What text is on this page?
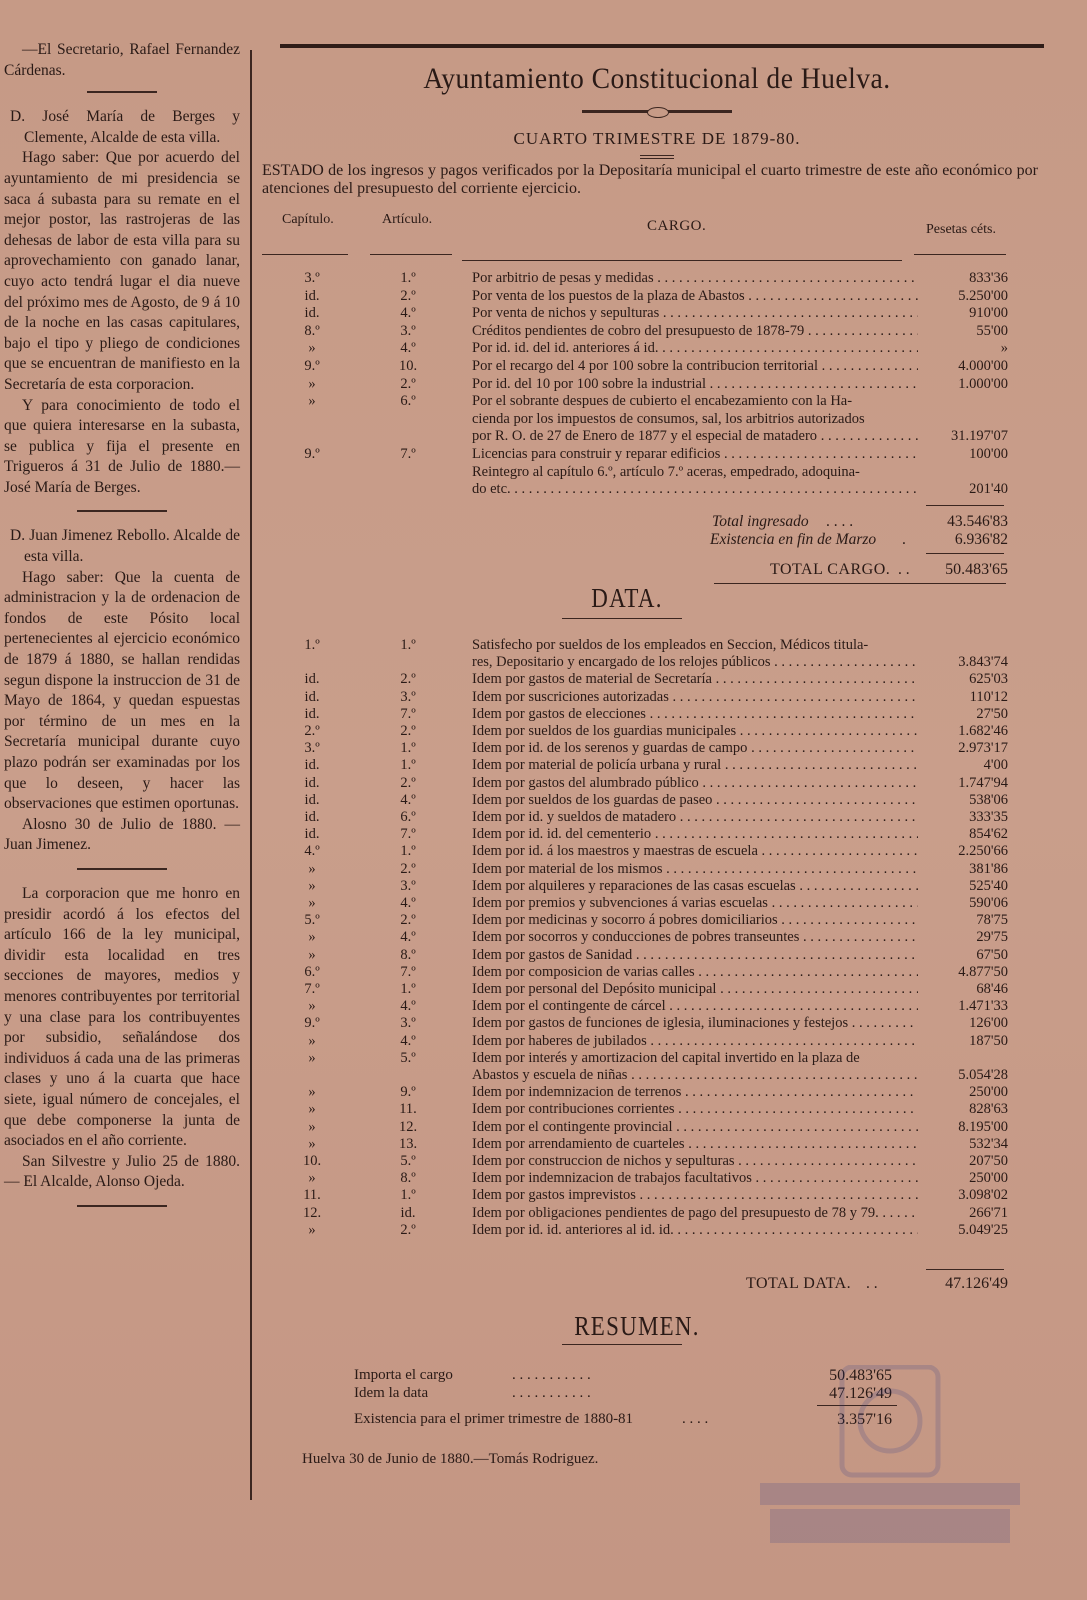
—El Secretario, Rafael Fernandez Cárdenas.

D. José María de Berges y Clemente, Alcalde de esta villa.

Hago saber: Que por acuerdo del ayuntamiento de mi presidencia se saca á subasta para su remate en el mejor postor, las rastrojeras de las dehesas de labor de esta villa para su aprovechamiento con ganado lanar, cuyo acto tendrá lugar el dia nueve del próximo mes de Agosto, de 9 á 10 de la noche en las casas capitulares, bajo el tipo y pliego de condiciones que se encuentran de manifiesto en la Secretaría de esta corporacion.

Y para conocimiento de todo el que quiera interesarse en la subasta, se publica y fija el presente en Trigueros á 31 de Julio de 1880.—José María de Berges.

D. Juan Jimenez Rebollo. Alcalde de esta villa.

Hago saber: Que la cuenta de administracion y la de ordenacion de fondos de este Pósito local pertenecientes al ejercicio económico de 1879 á 1880, se hallan rendidas segun dispone la instruccion de 31 de Mayo de 1864, y quedan espuestas por término de un mes en la Secretaría municipal durante cuyo plazo podrán ser examinadas por los que lo deseen, y hacer las observaciones que estimen oportunas.

Alosno 30 de Julio de 1880. —Juan Jimenez.

La corporacion que me honro en presidir acordó á los efectos del artículo 166 de la ley municipal, dividir esta localidad en tres secciones de mayores, medios y menores contribuyentes por territorial y una clase para los contribuyentes por subsidio, señalándose dos individuos á cada una de las primeras clases y uno á la cuarta que hace siete, igual número de concejales, el que debe componerse la junta de asociados en el año corriente.

San Silvestre y Julio 25 de 1880. — El Alcalde, Alonso Ojeda.

Ayuntamiento Constitucional de Huelva.
CUARTO TRIMESTRE DE 1879-80.
ESTADO de los ingresos y pagos verificados por la Depositaría municipal el cuarto trimestre de este año económico por atenciones del presupuesto del corriente ejercicio.
Capítulo.	Artículo.	CARGO.	Pesetas céts.
3.º	1.º	Por arbitrio de pesas y medidas . . .	833'36
id.	2.º	Por venta de los puestos de la plaza de Abastos . . .	5.250'00
id.	4.º	Por venta de nichos y sepulturas . . .	910'00
8.º	3.º	Créditos pendientes de cobro del presupuesto de 1878-79 . . .	55'00
»	4.º	Por id. id. del id. anteriores á id. . . .	»
9.º	10.	Por el recargo del 4 por 100 sobre la contribucion territorial . . .	4.000'00
»	2.º	Por id. del 10 por 100 sobre la industrial . . .	1.000'00
»	6.º	Por el sobrante despues de cubierto el encabezamiento con la Ha-
cienda por los impuestos de consumos, sal, los arbitrios autorizados
por R. O. de 27 de Enero de 1877 y el especial de matadero . . .	31.197'07
9.º	7.º	Licencias para construir y reparar edificios . . .	100'00
Reintegro al capítulo 6.º, artículo 7.º aceras, empedrado, adoquina-
do etc. . . .	201'40
Total ingresado . . . .	43.546'83
Existencia en fin de Marzo .	6.936'82
TOTAL CARGO. . .	50.483'65
DATA.
1.º	1.º	Satisfecho por sueldos de los empleados en Seccion, Médicos titula-
res, Depositario y encargado de los relojes públicos . . .	3.843'74
id.	2.º	Idem por gastos de material de Secretaría . . .	625'03
id.	3.º	Idem por suscriciones autorizadas . . .	110'12
id.	7.º	Idem por gastos de elecciones . . .	27'50
2.º	2.º	Idem por sueldos de los guardias municipales . . .	1.682'46
3.º	1.º	Idem por id. de los serenos y guardas de campo . . .	2.973'17
id.	1.º	Idem por material de policía urbana y rural . . .	4'00
id.	2.º	Idem por gastos del alumbrado público . . .	1.747'94
id.	4.º	Idem por sueldos de los guardas de paseo . . .	538'06
id.	6.º	Idem por id. y sueldos de matadero . . .	333'35
id.	7.º	Idem por id. id. del cementerio . . .	854'62
4.º	1.º	Idem por id. á los maestros y maestras de escuela . . .	2.250'66
»	2.º	Idem por material de los mismos . . .	381'86
»	3.º	Idem por alquileres y reparaciones de las casas escuelas . . .	525'40
»	4.º	Idem por premios y subvenciones á varias escuelas . . .	590'06
5.º	2.º	Idem por medicinas y socorro á pobres domiciliarios . . .	78'75
»	4.º	Idem por socorros y conducciones de pobres transeuntes . . .	29'75
»	8.º	Idem por gastos de Sanidad . . .	67'50
6.º	7.º	Idem por composicion de varias calles . . .	4.877'50
7.º	1.º	Idem por personal del Depósito municipal . . .	68'46
»	4.º	Idem por el contingente de cárcel . . .	1.471'33
9.º	3.º	Idem por gastos de funciones de iglesia, iluminaciones y festejos . . .	126'00
»	4.º	Idem por haberes de jubilados . . .	187'50
»	5.º	Idem por interés y amortizacion del capital invertido en la plaza de
Abastos y escuela de niñas . . .	5.054'28
»	9.º	Idem por indemnizacion de terrenos . . .	250'00
»	11.	Idem por contribuciones corrientes . . .	828'63
»	12.	Idem por el contingente provincial . . .	8.195'00
»	13.	Idem por arrendamiento de cuarteles . . .	532'34
10.	5.º	Idem por construccion de nichos y sepulturas . . .	207'50
»	8.º	Idem por indemnizacion de trabajos facultativos . . .	250'00
11.	1.º	Idem por gastos imprevistos . . .	3.098'02
12.	id.	Idem por obligaciones pendientes de pago del presupuesto de 78 y 79. . . .	266'71
»	2.º	Idem por id. id. anteriores al id. id. . . .	5.049'25
TOTAL DATA. . .	47.126'49
RESUMEN.
Importa el cargo	. . . . . . . . . . .	50.483'65
Idem la data	. . . . . . . . . . .	47.126'49
Existencia para el primer trimestre de 1880-81	. . . .	3.357'16
Huelva 30 de Junio de 1880.—Tomás Rodriguez.
